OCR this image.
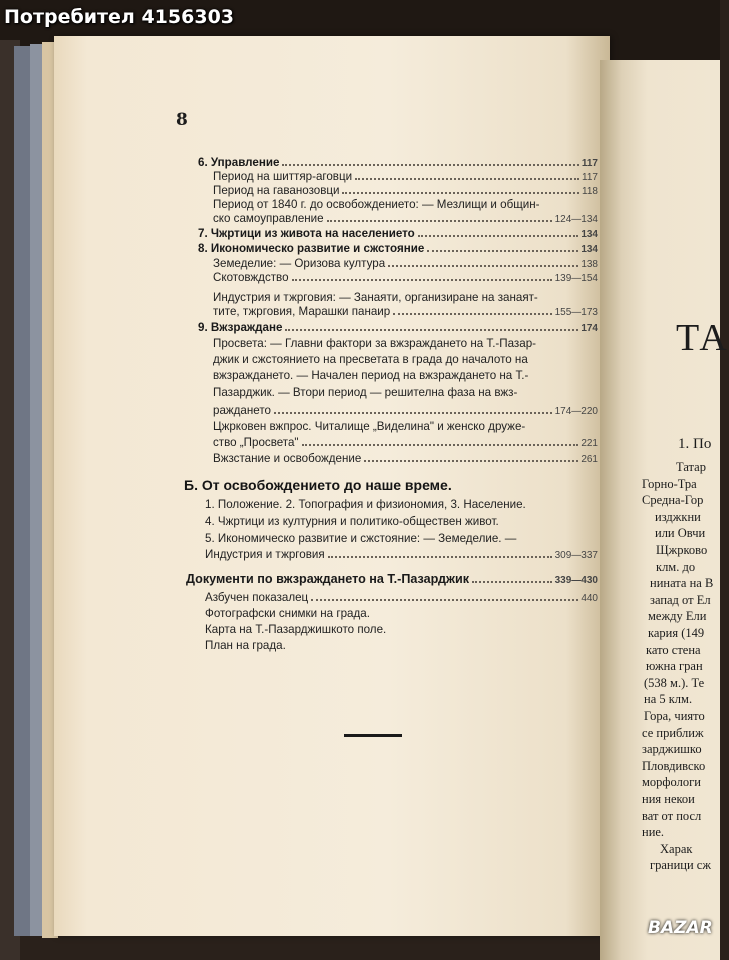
8
6. Управление	117
Период на шиттяр-аговци	117
Период на гаванозовци	118
Период от 1840 г. до освобождението: — Мезлищи и общин-
ско самоуправление	124—134
7. Чжртици из живота на населението	134
8. Икономическо развитие и сжстояние	134
Земеделие: — Оризова култура	138
Скотовждство	139—154
Индустрия и тжрговия: — Занаяти, организиране на занаят-
тите, тжрговия, Марашки панаир	155—173
9. Вжзраждане	174
Просвета: — Главни фактори за вжзраждането на Т.-Пазар-
джик и сжстоянието на пресветата в града до началото на
вжзраждането. — Начален период на вжзраждането на Т.-
Пазарджик. — Втори период — решителна фаза на вжз-
раждането	174—220
Цжрковен вжпрос. Читалище „Виделина" и женско друже-
ство „Просвета"	221
Вжзстание и освобождение	261
Б. От освобождението до наше време.
1. Положение. 2. Топография и физиономия, 3. Население.
4. Чжртици из културния и политико-обществен живот.
5. Икономическо развитие и сжстояние: — Земеделие. —
Индустрия и тжрговия	309—337
Документи по вжзраждането на Т.-Пазарджик	339—430
Азбучен показалец	440
Фотографски снимки на града.
Карта на Т.-Пазарджишкото поле.
План на града.
ТА
1. По
Татар
Горно-Тра
Средна-Гор
изджкни
или Овчи
Щжрково
клм. до
нината на В
запад от Ел
между Ели
кария (149
като стена
южна гран
(538 м.). Те
на 5 клм.
Гора, чиято
се приближ
зарджишко
Пловдивско
морфологи
ния некои
ват от посл
ние.
Харак
граници сж
Потребител 4156303
BAZAR
